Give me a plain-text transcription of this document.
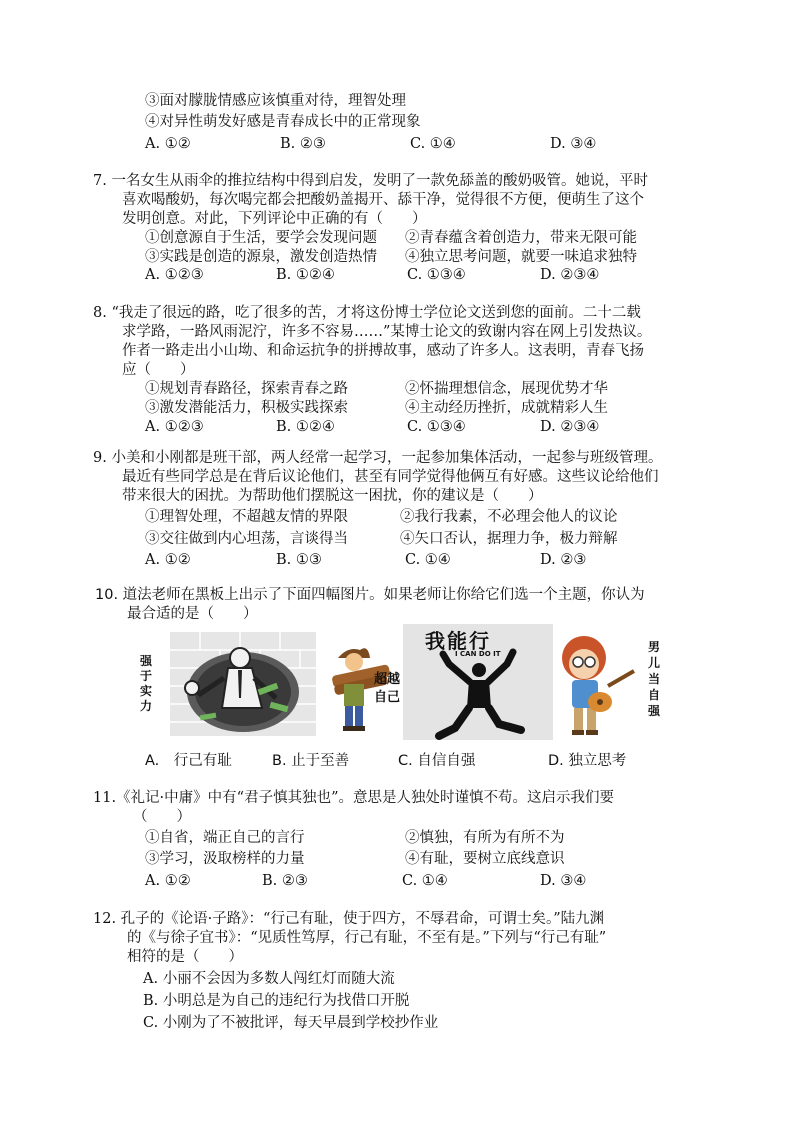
③面对朦胧情感应该慎重对待，理智处理
④对异性萌发好感是青春成长中的正常现象
A. ①②	B. ②③	C. ①④	D. ③④
7. 一名女生从雨伞的推拉结构中得到启发，发明了一款免舔盖的酸奶吸管。她说，平时
喜欢喝酸奶，每次喝完都会把酸奶盖揭开、舔干净，觉得很不方便，便萌生了这个
发明创意。对此，下列评论中正确的有（　　）
①创意源自于生活，要学会发现问题 ②青春蕴含着创造力，带来无限可能
③实践是创造的源泉，激发创造热情 ④独立思考问题，就要一味追求独特
A. ①②③	B. ①②④	C. ①③④	D. ②③④
8. “我走了很远的路，吃了很多的苦，才将这份博士学位论文送到您的面前。二十二载
求学路，一路风雨泥泞，许多不容易……”某博士论文的致谢内容在网上引发热议。
作者一路走出小山坳、和命运抗争的拼搏故事，感动了许多人。这表明，青春飞扬
应（　　）
①规划青春路径，探索青春之路	②怀揣理想信念，展现优势才华
③激发潜能活力，积极实践探索	④主动经历挫折，成就精彩人生
A. ①②③	B. ①②④	C. ①③④	D. ②③④
9. 小美和小刚都是班干部，两人经常一起学习，一起参加集体活动，一起参与班级管理。
最近有些同学总是在背后议论他们，甚至有同学觉得他俩互有好感。这些议论给他们
带来很大的困扰。为帮助他们摆脱这一困扰，你的建议是（　　）
①理智处理，不超越友情的界限	②我行我素，不必理会他人的议论
③交往做到内心坦荡，言谈得当	④矢口否认，据理力争，极力辩解
A. ①②	B. ①③	C. ①④	D. ②③
10. 道法老师在黑板上出示了下面四幅图片。如果老师让你给它们选一个主题，你认为
最合适的是（　　）
强
于
实
力
超 越
自 己
我能行
I CAN DO IT	男
儿
当
自
强
A.　行己有耻	B. 止于至善	C. 自信自强	D. 独立思考
11.《礼记·中庸》中有“君子慎其独也”。意思是人独处时谨慎不苟。这启示我们要
（　　）
①自省，端正自己的言行	②慎独，有所为有所不为
③学习，汲取榜样的力量	④有耻，要树立底线意识
A. ①②	B. ②③	C. ①④	D. ③④
12. 孔子的《论语·子路》：“行己有耻，使于四方，不辱君命，可谓士矣。”陆九渊
的《与徐子宜书》：“见质性笃厚，行己有耻，不至有是。”下列与“行己有耻”
相符的是（　　）
A. 小丽不会因为多数人闯红灯而随大流
B. 小明总是为自己的违纪行为找借口开脱
C. 小刚为了不被批评，每天早晨到学校抄作业
